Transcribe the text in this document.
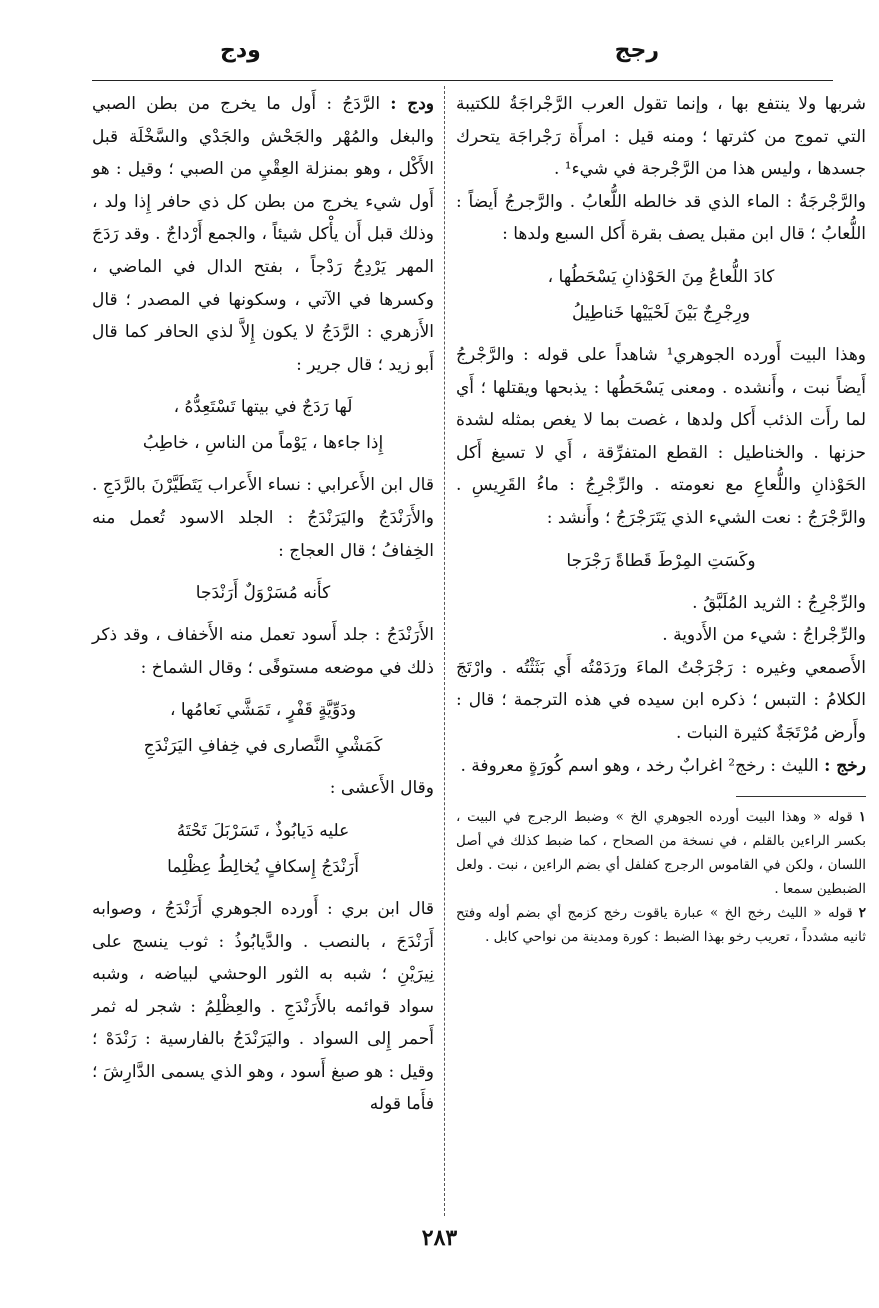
رجج
ودج

شربها ولا ينتفع بها ، وإنما تقول العرب الرَّجْراجَةُ للكتيبة التي تموج من كثرتها ؛ ومنه قيل : امرأَة رَجْراجَة يتحرك جسدها ، وليس هذا من الرَّجْرجة في شيء¹ .

والرَّجْرجَةُ : الماء الذي قد خالطه اللُّعابُ . والرَّجرجُ أَيضاً : اللُّعابُ ؛ قال ابن مقبل يصف بقرة أَكل السبع ولدها :

كادَ اللُّعاعُ مِنَ الحَوْذانِ يَسْحَطُها ،
ورِجْرِجٌ بَيْنَ لَحْيَيْها خَناطِيلُ

وهذا البيت أَورده الجوهري¹ شاهداً على قوله : والرَّجْرجُ أَيضاً نبت ، وأَنشده . ومعنى يَسْحَطُها : يذبحها ويقتلها ؛ أَي لما رأَت الذئب أَكل ولدها ، غصت بما لا يغص بمثله لشدة حزنها . والخناطيل : القطع المتفرِّقة ، أَي لا تسيغ أَكل الحَوْذانِ واللُّعاعِ مع نعومته . والرِّجْرِجُ : ماءُ القَرِيسِ . والرَّجْرَجُ : نعت الشيء الذي يَتَرَجْرَجُ ؛ وأَنشد :

وكَسَتِ المِرْطَ قَطاةً رَجْرَجا

والرِّجْرِجُ : الثريد المُلَبَّقُ .

والرِّجْراجُ : شيء من الأَدوية .

الأَصمعي وغيره : رَجْرَجْتُ الماءَ ورَدَمْتُه أَي بَثَثْتُه . وارْتَجَ الكلامُ : التبس ؛ ذكره ابن سيده في هذه الترجمة ؛ قال : وأَرض مُرْتَجَةٌ كثيرة النبات .

رخج : الليث : رخج² اغرابٌ رخد ، وهو اسم كُورَةٍ معروفة .

١قوله « وهذا البيت أورده الجوهري الخ » وضبط الرجرج في البيت ، بكسر الراءين بالقلم ، في نسخة من الصحاح ، كما ضبط كذلك في أصل اللسان ، ولكن في القاموس الرجرج كفلفل أي بضم الراءين ، نبت . ولعل الضبطين سمعا .

٢قوله « الليث رخج الخ » عبارة ياقوت رخج كزمج أي بضم أوله وفتح ثانيه مشدداً ، تعريب رخو بهذا الضبط : كورة ومدينة من نواحي كابل .

ودج : الرَّدَجُ : أَول ما يخرج من بطن الصبي والبغل والمُهْر والجَحْش والجَدْي والسَّخْلَة قبل الأَكْل ، وهو بمنزلة العِقْيِ من الصبي ؛ وقيل : هو أَول شيء يخرج من بطن كل ذي حافر إِذا ولد ، وذلك قبل أَن يأْكل شيئاً ، والجمع أَرْداجٌ . وقد رَدَجَ المهر يَرْدِجُ رَدْجاً ، بفتح الدال في الماضي ، وكسرها في الآتي ، وسكونها في المصدر ؛ قال الأَزهري : الرَّدَجُ لا يكون إِلاَّ لذي الحافر كما قال أَبو زيد ؛ قال جرير :

لَها رَدَجٌ في بيتها تَسْتَعِدُّهُ ،
إِذا جاءها ، يَوْماً من الناسِ ، خاطِبُ

قال ابن الأَعرابي : نساء الأَعراب يَتَطَيَّرْنَ بالرَّدَجِ . والأَرَنْدَجُ واليَرَنْدَجُ : الجلد الاسود تُعمل منه الخِفافُ ؛ قال العجاج :

كأَنه مُسَرْوَلٌ أَرَنْدَجا

الأَرَنْدَجُ : جلد أَسود تعمل منه الأَخفاف ، وقد ذكر ذلك في موضعه مستوفًى ؛ وقال الشماخ :

ودَوِّيَّةٍ قَفْرٍ ، تَمَشَّي نَعامُها ،
كَمَشْيِ النَّصارى في خِفافِ اليَرَنْدَجِ

وقال الأَعشى :

عليه دَيابُوذٌ ، تَسَرْبَلَ تَحْتَهُ
أَرَنْدَجُ إِسكافٍ يُخالِطُ عِظْلِما

قال ابن بري : أَورده الجوهري أَرَنْدَجُ ، وصوابه أَرَنْدَجَ ، بالنصب . والدَّيابُوذُ : ثوب ينسج على نِيرَيْنِ ؛ شبه به الثور الوحشي لبياضه ، وشبه سواد قوائمه بالأَرَنْدَجِ . والعِظْلِمُ : شجر له ثمر أَحمر إِلى السواد . واليَرَنْدَجُ بالفارسية : رَنْدَهْ ؛ وقيل : هو صبغ أَسود ، وهو الذي يسمى الدَّارِشَ ؛ فأَما قوله

٢٨٣
